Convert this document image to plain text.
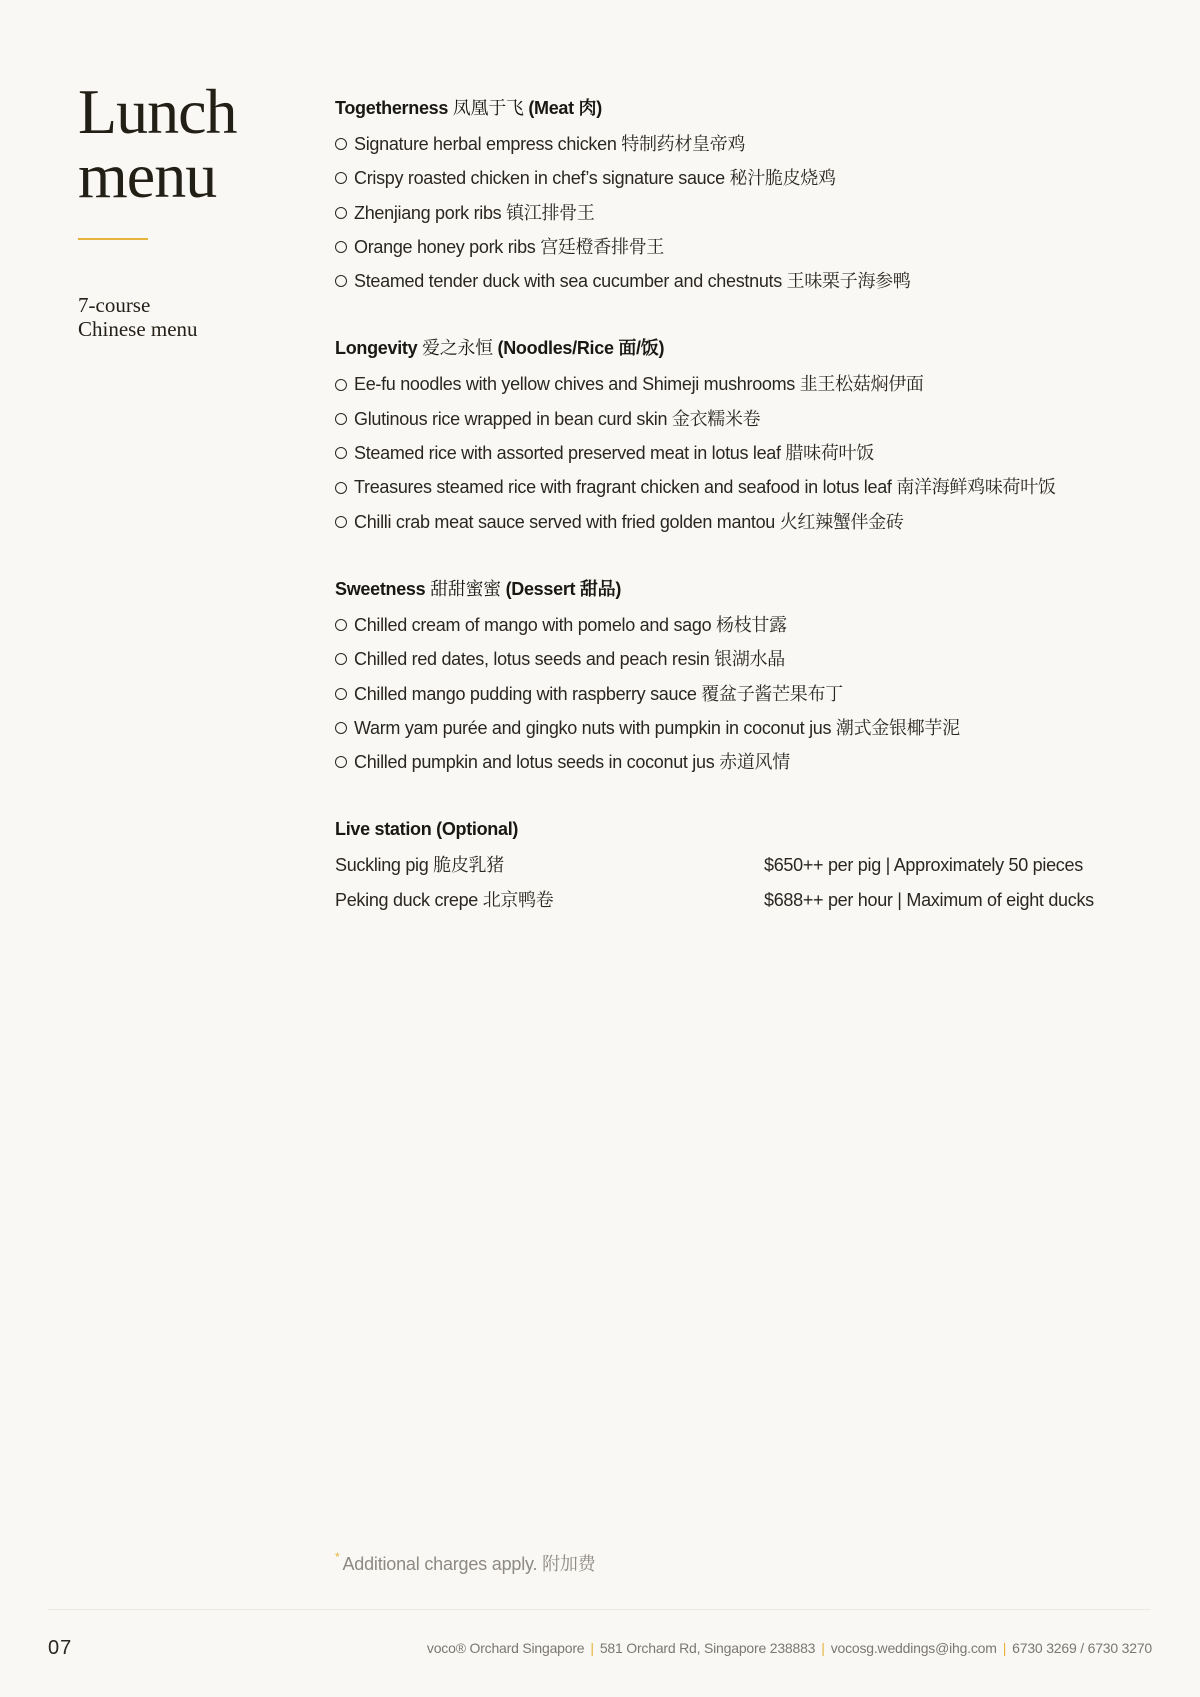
Lunch
menu
7-course
Chinese menu
Togetherness 凤凰于飞 (Meat 肉)
Signature herbal empress chicken 特制药材皇帝鸡
Crispy roasted chicken in chef’s signature sauce 秘汁脆皮烧鸡
Zhenjiang pork ribs 镇江排骨王
Orange honey pork ribs 宫廷橙香排骨王
Steamed tender duck with sea cucumber and chestnuts 王味栗子海参鸭
Longevity 爱之永恒 (Noodles/Rice 面/饭)
Ee-fu noodles with yellow chives and Shimeji mushrooms 韭王松菇焖伊面
Glutinous rice wrapped in bean curd skin 金衣糯米卷
Steamed rice with assorted preserved meat in lotus leaf 腊味荷叶饭
Treasures steamed rice with fragrant chicken and seafood in lotus leaf 南洋海鲜鸡味荷叶饭
Chilli crab meat sauce served with fried golden mantou 火红辣蟹伴金砖
Sweetness 甜甜蜜蜜 (Dessert 甜品)
Chilled cream of mango with pomelo and sago 杨枝甘露
Chilled red dates, lotus seeds and peach resin 银湖水晶
Chilled mango pudding with raspberry sauce 覆盆子酱芒果布丁
Warm yam purée and gingko nuts with pumpkin in coconut jus 潮式金银椰芋泥
Chilled pumpkin and lotus seeds in coconut jus 赤道风情
Live station (Optional)
Suckling pig 脆皮乳猪	$650++ per pig | Approximately 50 pieces
Peking duck crepe 北京鸭卷	$688++ per hour | Maximum of eight ducks
* Additional charges apply. 附加费
07	voco® Orchard Singapore | 581 Orchard Rd, Singapore 238883 | vocosg.weddings@ihg.com | 6730 3269 / 6730 3270
